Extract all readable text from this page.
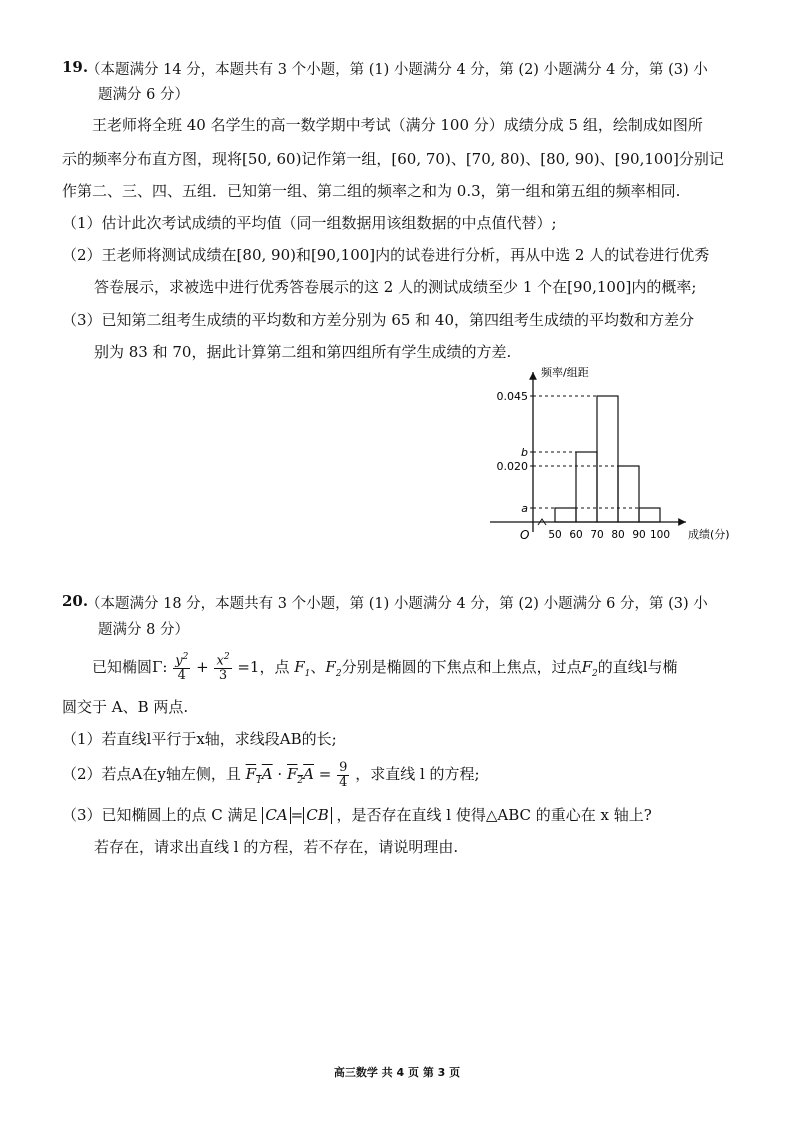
19.
（本题满分 14 分，本题共有 3 个小题，第 (1) 小题满分 4 分，第 (2) 小题满分 4 分，第 (3) 小
题满分 6 分）
王老师将全班 40 名学生的高一数学期中考试（满分 100 分）成绩分成 5 组，绘制成如图所
示的频率分布直方图，现将[50, 60)记作第一组，[60, 70)、[70, 80)、[80, 90)、[90,100]分别记
作第二、三、四、五组．已知第一组、第二组的频率之和为 0.3，第一组和第五组的频率相同.
（1）估计此次考试成绩的平均值（同一组数据用该组数据的中点值代替）;
（2）王老师将测试成绩在[80, 90)和[90,100]内的试卷进行分析，再从中选 2 人的试卷进行优秀
答卷展示，求被选中进行优秀答卷展示的这 2 人的测试成绩至少 1 个在[90,100]内的概率;
（3）已知第二组考生成绩的平均数和方差分别为 65 和 40，第四组考生成绩的平均数和方差分
别为 83 和 70，据此计算第二组和第四组所有学生成绩的方差.
频率/组距
成绩(分)
O
0.045
b
0.020
a
50 60 70 80 90 100
20.
（本题满分 18 分，本题共有 3 个小题，第 (1) 小题满分 4 分，第 (2) 小题满分 6 分，第 (3) 小
题满分 8 分）
已知椭圆Γ: $\frac{y^2}{4} + \frac{x^2}{3} =1$，点 $F_1$、$F_2$分别是椭圆的下焦点和上焦点，过点$F_2$的直线l与椭
圆交于 A、B 两点.
（1）若直线l平行于x轴，求线段AB的长;
（2）若点A在y轴左侧，且 $F_1A \cdot F_2A = \frac{9}{4}$ ，求直线 l 的方程;
（3）已知椭圆上的点 C 满足 CA = CB ，是否存在直线 l 使得△ABC 的重心在 x 轴上?
若存在，请求出直线 l 的方程，若不存在，请说明理由.
高三数学 共 4 页 第 3 页
